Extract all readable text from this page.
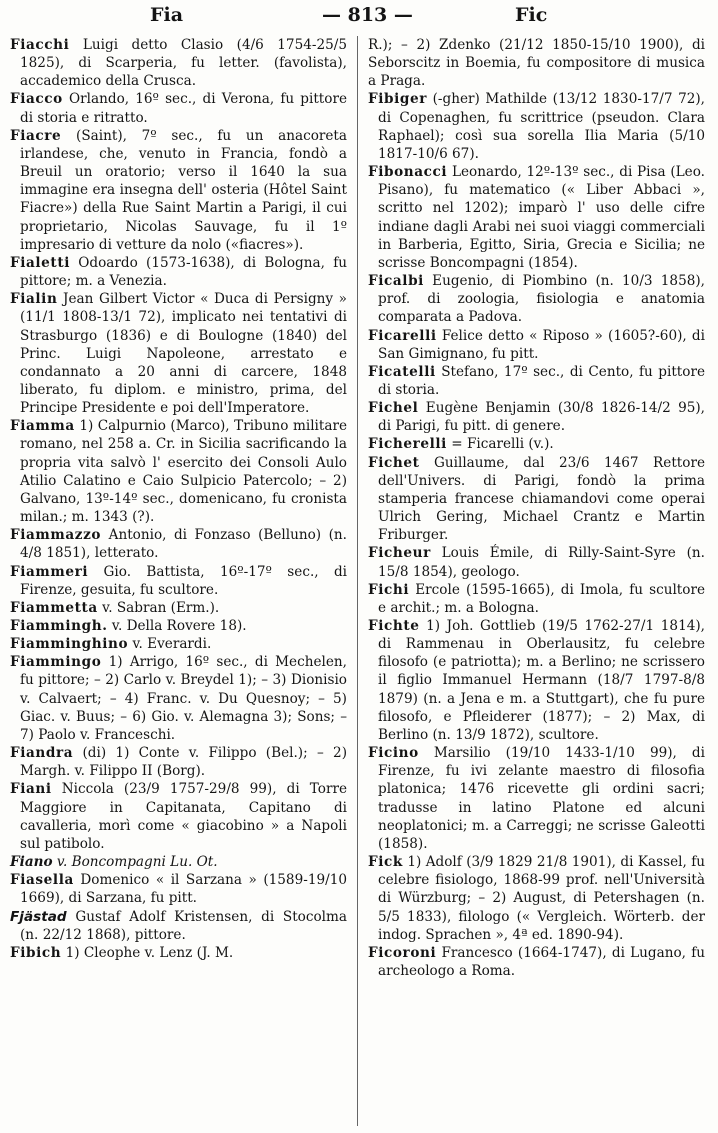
Fia	— 813 —	Fic

Fiacchi Luigi detto Clasio (4/6 1754-25/5 1825), di Scarperia, fu letter. (favolista), accademico della Crusca.

Fiacco Orlando, 16º sec., di Verona, fu pittore di storia e ritratto.

Fiacre (Saint), 7º sec., fu un anacoreta irlandese, che, venuto in Francia, fondò a Breuil un oratorio; verso il 1640 la sua immagine era insegna dell' osteria (Hôtel Saint Fiacre») della Rue Saint Martin a Parigi, il cui proprietario, Nicolas Sauvage, fu il 1º impresario di vetture da nolo («fiacres»).

Fialetti Odoardo (1573-1638), di Bologna, fu pittore; m. a Venezia.

Fialin Jean Gilbert Victor « Duca di Persigny » (11/1 1808-13/1 72), implicato nei tentativi di Strasburgo (1836) e di Boulogne (1840) del Princ. Luigi Napoleone, arrestato e condannato a 20 anni di carcere, 1848 liberato, fu diplom. e ministro, prima, del Principe Presidente e poi dell'Imperatore.

Fiamma 1) Calpurnio (Marco), Tribuno militare romano, nel 258 a. Cr. in Sicilia sacrificando la propria vita salvò l' esercito dei Consoli Aulo Atilio Calatino e Caio Sulpicio Patercolo; – 2) Galvano, 13º-14º sec., domenicano, fu cronista milan.; m. 1343 (?).

Fiammazzo Antonio, di Fonzaso (Belluno) (n. 4/8 1851), letterato.

Fiammeri Gio. Battista, 16º-17º sec., di Firenze, gesuita, fu scultore.

Fiammetta v. Sabran (Erm.).

Fiammingh. v. Della Rovere 18).

Fiamminghino v. Everardi.

Fiammingo 1) Arrigo, 16º sec., di Mechelen, fu pittore; – 2) Carlo v. Breydel 1); – 3) Dionisio v. Calvaert; – 4) Franc. v. Du Quesnoy; – 5) Giac. v. Buus; – 6) Gio. v. Alemagna 3); Sons; – 7) Paolo v. Franceschi.

Fiandra (di) 1) Conte v. Filippo (Bel.); – 2) Margh. v. Filippo II (Borg).

Fiani Niccola (23/9 1757-29/8 99), di Torre Maggiore in Capitanata, Capitano di cavalleria, morì come « giacobino » a Napoli sul patibolo.

Fiano v. Boncompagni Lu. Ot.

Fiasella Domenico « il Sarzana » (1589-19/10 1669), di Sarzana, fu pitt.

Fjästad Gustaf Adolf Kristensen, di Stocolma (n. 22/12 1868), pittore.

Fibich 1) Cleophe v. Lenz (J. M.

R.); – 2) Zdenko (21/12 1850-15/10 1900), di Seborscitz in Boemia, fu compositore di musica a Praga.

Fibiger (-gher) Mathilde (13/12 1830-17/7 72), di Copenaghen, fu scrittrice (pseudon. Clara Raphael); così sua sorella Ilia Maria (5/10 1817-10/6 67).

Fibonacci Leonardo, 12º-13º sec., di Pisa (Leo. Pisano), fu matematico (« Liber Abbaci », scritto nel 1202); imparò l' uso delle cifre indiane dagli Arabi nei suoi viaggi commerciali in Barberia, Egitto, Siria, Grecia e Sicilia; ne scrisse Boncompagni (1854).

Ficalbi Eugenio, di Piombino (n. 10/3 1858), prof. di zoologia, fisiologia e anatomia comparata a Padova.

Ficarelli Felice detto « Riposo » (1605?-60), di San Gimignano, fu pitt.

Ficatelli Stefano, 17º sec., di Cento, fu pittore di storia.

Fichel Eugène Benjamin (30/8 1826-14/2 95), di Parigi, fu pitt. di genere.

Ficherelli = Ficarelli (v.).

Fichet Guillaume, dal 23/6 1467 Rettore dell'Univers. di Parigi, fondò la prima stamperia francese chiamandovi come operai Ulrich Gering, Michael Crantz e Martin Friburger.

Ficheur Louis Émile, di Rilly-Saint-Syre (n. 15/8 1854), geologo.

Fichi Ercole (1595-1665), di Imola, fu scultore e archit.; m. a Bologna.

Fichte 1) Joh. Gottlieb (19/5 1762-27/1 1814), di Rammenau in Oberlausitz, fu celebre filosofo (e patriotta); m. a Berlino; ne scrissero il figlio Immanuel Hermann (18/7 1797-8/8 1879) (n. a Jena e m. a Stuttgart), che fu pure filosofo, e Pfleiderer (1877); – 2) Max, di Berlino (n. 13/9 1872), scultore.

Ficino Marsilio (19/10 1433-1/10 99), di Firenze, fu ivi zelante maestro di filosofia platonica; 1476 ricevette gli ordini sacri; tradusse in latino Platone ed alcuni neoplatonici; m. a Carreggi; ne scrisse Galeotti (1858).

Fick 1) Adolf (3/9 1829 21/8 1901), di Kassel, fu celebre fisiologo, 1868-99 prof. nell'Università di Würzburg; – 2) August, di Petershagen (n. 5/5 1833), filologo (« Vergleich. Wörterb. der indog. Sprachen », 4ª ed. 1890-94).

Ficoroni Francesco (1664-1747), di Lugano, fu archeologo a Roma.
